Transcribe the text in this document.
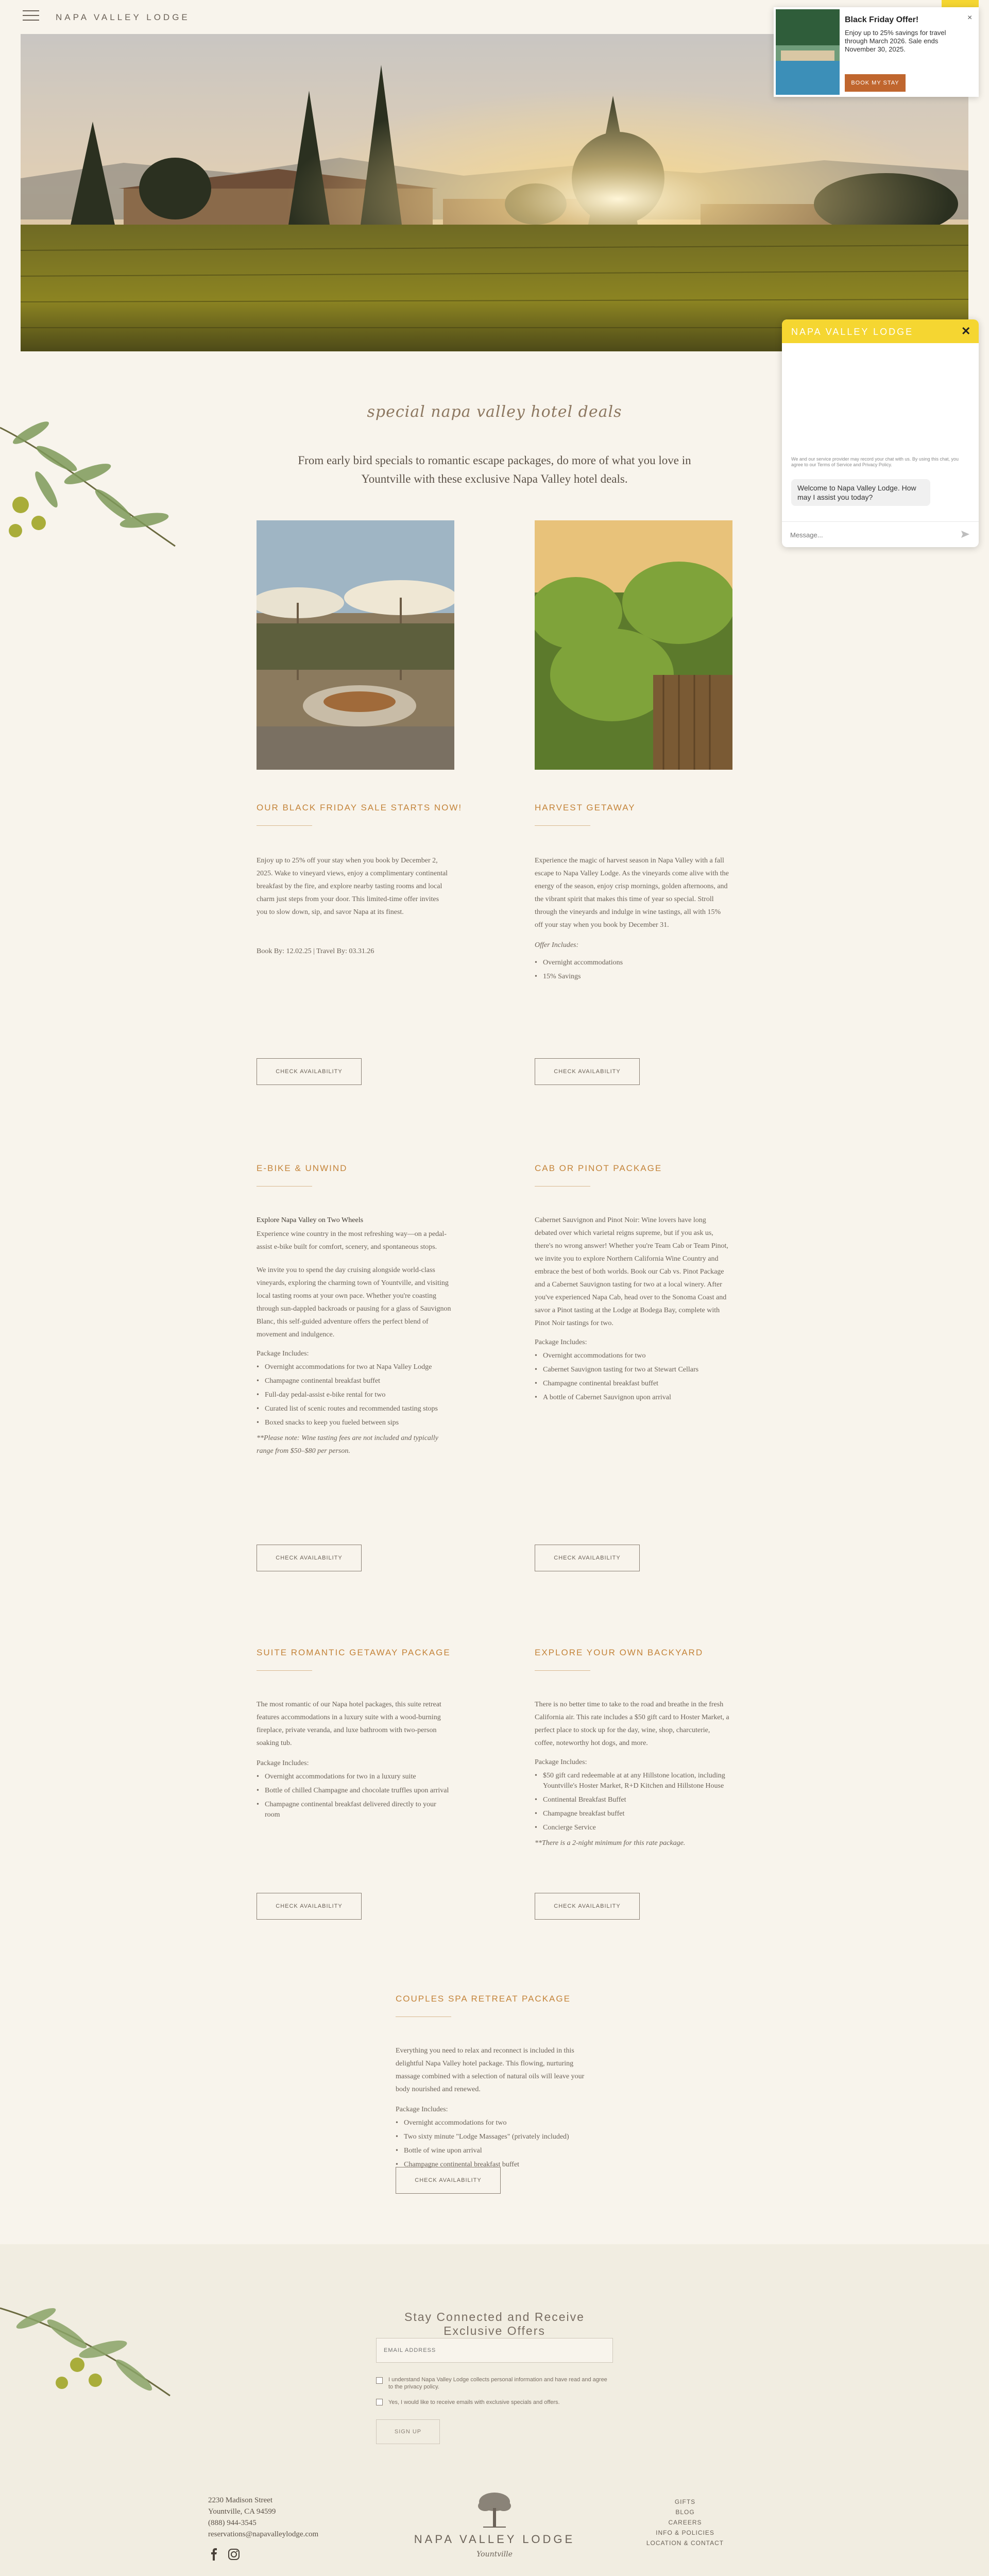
NAPA VALLEY LODGE	Black Friday Offer!
Enjoy up to 25% savings for travel through March 2026. Sale ends November 30, 2025.
BOOK MY STAY
×
NAPA VALLEY LODGE	✕
We and our service provider may record your chat with us. By using this chat, you agree to our Terms of Service and Privacy Policy.
Welcome to Napa Valley Lodge. How may I assist you today?
Message...
special napa valley hotel deals
From early bird specials to romantic escape packages, do more of what you love in Yountville with these exclusive Napa Valley hotel deals.
OUR BLACK FRIDAY SALE STARTS NOW!

Enjoy up to 25% off your stay when you book by December 2, 2025. Wake to vineyard views, enjoy a complimentary continental breakfast by the fire, and explore nearby tasting rooms and local charm just steps from your door. This limited-time offer invites you to slow down, sip, and savor Napa at its finest.

Book By: 12.02.25 | Travel By: 03.31.26
CHECK AVAILABILITY
HARVEST GETAWAY

Experience the magic of harvest season in Napa Valley with a fall escape to Napa Valley Lodge. As the vineyards come alive with the energy of the season, enjoy crisp mornings, golden afternoons, and the vibrant spirit that makes this time of year so special. Stroll through the vineyards and indulge in wine tastings, all with 15% off your stay when you book by December 31.

Offer Includes:

• Overnight accommodations
• 15% Savings
CHECK AVAILABILITY
E-BIKE & UNWIND

Explore Napa Valley on Two Wheels

Experience wine country in the most refreshing way—on a pedal-assist e-bike built for comfort, scenery, and spontaneous stops.

We invite you to spend the day cruising alongside world-class vineyards, exploring the charming town of Yountville, and visiting local tasting rooms at your own pace. Whether you're coasting through sun-dappled backroads or pausing for a glass of Sauvignon Blanc, this self-guided adventure offers the perfect blend of movement and indulgence.

Package Includes:

• Overnight accommodations for two at Napa Valley Lodge
• Champagne continental breakfast buffet
• Full-day pedal-assist e-bike rental for two
• Curated list of scenic routes and recommended tasting stops
• Boxed snacks to keep you fueled between sips

**Please note: Wine tasting fees are not included and typically range from $50–$80 per person.

CHECK AVAILABILITY
CAB OR PINOT PACKAGE

Cabernet Sauvignon and Pinot Noir: Wine lovers have long debated over which varietal reigns supreme, but if you ask us, there's no wrong answer! Whether you're Team Cab or Team Pinot, we invite you to explore Northern California Wine Country and embrace the best of both worlds. Book our Cab vs. Pinot Package and a Cabernet Sauvignon tasting for two at a local winery. After you've experienced Napa Cab, head over to the Sonoma Coast and savor a Pinot tasting at the Lodge at Bodega Bay, complete with Pinot Noir tastings for two.

Package Includes:

• Overnight accommodations for two
• Cabernet Sauvignon tasting for two at Stewart Cellars
• Champagne continental breakfast buffet
• A bottle of Cabernet Sauvignon upon arrival
CHECK AVAILABILITY
SUITE ROMANTIC GETAWAY PACKAGE

The most romantic of our Napa hotel packages, this suite retreat features accommodations in a luxury suite with a wood-burning fireplace, private veranda, and luxe bathroom with two-person soaking tub.

Package Includes:

• Overnight accommodations for two in a luxury suite
• Bottle of chilled Champagne and chocolate truffles upon arrival
• Champagne continental breakfast delivered directly to your room
CHECK AVAILABILITY
EXPLORE YOUR OWN BACKYARD

There is no better time to take to the road and breathe in the fresh California air. This rate includes a $50 gift card to Hoster Market, a perfect place to stock up for the day, wine, shop, charcuterie, coffee, noteworthy hot dogs, and more.

Package Includes:

• $50 gift card redeemable at at any Hillstone location, including Yountville's Hoster Market, R+D Kitchen and Hillstone House
• Continental Breakfast Buffet
• Champagne breakfast buffet
• Concierge Service

**There is a 2-night minimum for this rate package.

CHECK AVAILABILITY
COUPLES SPA RETREAT PACKAGE

Everything you need to relax and reconnect is included in this delightful Napa Valley hotel package. This flowing, nurturing massage combined with a selection of natural oils will leave your body nourished and renewed.

Package Includes:

• Overnight accommodations for two
• Two sixty minute "Lodge Massages" (privately included)
• Bottle of wine upon arrival
• Champagne continental breakfast buffet
CHECK AVAILABILITY
Stay Connected and Receive Exclusive Offers
EMAIL ADDRESS
I understand Napa Valley Lodge collects personal information and have read and agree to the privacy policy.
Yes, I would like to receive emails with exclusive specials and offers.
SIGN UP
2230 Madison Street
Yountville, CA 94599
(888) 944-3545
reservations@napavalleylodge.com	NAPA VALLEY LODGE
Yountville
GIFTS
BLOG
CAREERS
INFO & POLICIES
LOCATION & CONTACT
